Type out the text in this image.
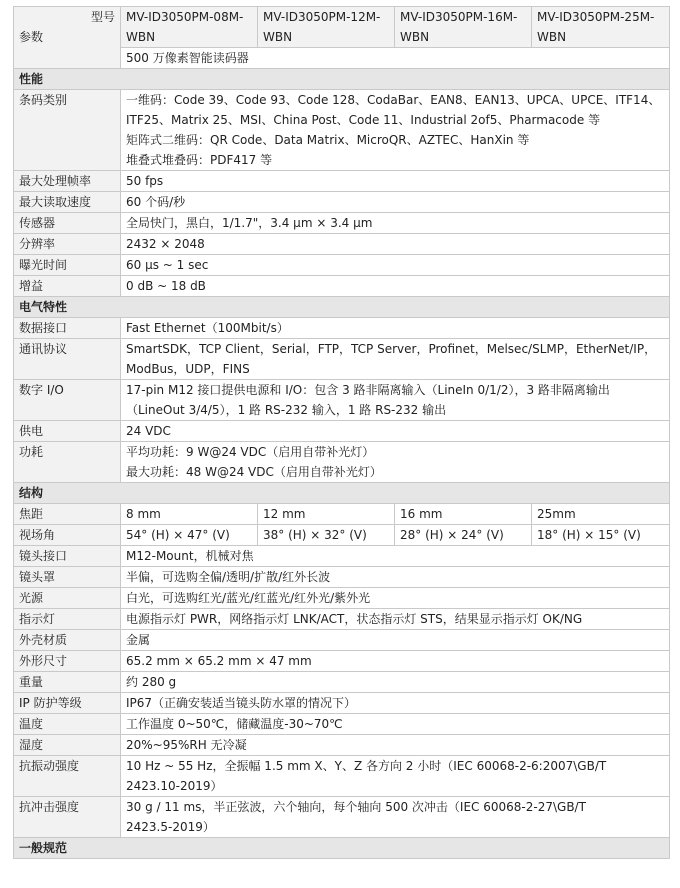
型号
参数	MV-ID3050PM-08M-WBN	MV-ID3050PM-12M-WBN	MV-ID3050PM-16M-WBN	MV-ID3050PM-25M-WBN
	500 万像素智能读码器			
性能				
条码类别	一维码：Code 39、Code 93、Code 128、CodaBar、EAN8、EAN13、UPCA、UPCE、ITF14、
ITF25、Matrix 25、MSI、China Post、Code 11、Industrial 2of5、Pharmacode 等
矩阵式二维码：QR Code、Data Matrix、MicroQR、AZTEC、HanXin 等
堆叠式堆叠码：PDF417 等			

最大处理帧率	50 fps			
最大读取速度	60 个码/秒			
传感器	全局快门，黑白，1/1.7"，3.4 μm × 3.4 μm			
分辨率	2432 × 2048			
曝光时间	60 μs ~ 1 sec			
增益	0 dB ~ 18 dB			
电气特性				
数据接口	Fast Ethernet（100Mbit/s）			
通讯协议	SmartSDK，TCP Client，Serial，FTP，TCP Server，Profinet，Melsec/SLMP，EtherNet/IP，
ModBus，UDP，FINS			

数字 I/O	17-pin M12 接口提供电源和 I/O：包含 3 路非隔离输入（LineIn 0/1/2），3 路非隔离输出
（LineOut 3/4/5），1 路 RS-232 输入，1 路 RS-232 输出			

供电	24 VDC			
功耗	平均功耗：9 W@24 VDC（启用自带补光灯）
最大功耗：48 W@24 VDC（启用自带补光灯）			

结构				
焦距	8 mm	12 mm	16 mm	25mm
视场角	54° (H) × 47° (V)	38° (H) × 32° (V)	28° (H) × 24° (V)	18° (H) × 15° (V)
镜头接口	M12-Mount，机械对焦			
镜头罩	半偏，可选购全偏/透明/扩散/红外长波			
光源	白光，可选购红光/蓝光/红蓝光/红外光/紫外光			
指示灯	电源指示灯 PWR，网络指示灯 LNK/ACT，状态指示灯 STS，结果显示指示灯 OK/NG			
外壳材质	金属			
外形尺寸	65.2 mm × 65.2 mm × 47 mm			
重量	约 280 g			
IP 防护等级	IP67（正确安装适当镜头防水罩的情况下）			
温度	工作温度 0~50℃，储藏温度-30~70℃			
湿度	20%~95%RH 无冷凝			
抗振动强度	10 Hz ~ 55 Hz，全振幅 1.5 mm X、Y、Z 各方向 2 小时（IEC 60068-2-6:2007\GB/T
2423.10-2019）			

抗冲击强度	30 g / 11 ms，半正弦波，六个轴向，每个轴向 500 次冲击（IEC 60068-2-27\GB/T
2423.5-2019）			

一般规范				
